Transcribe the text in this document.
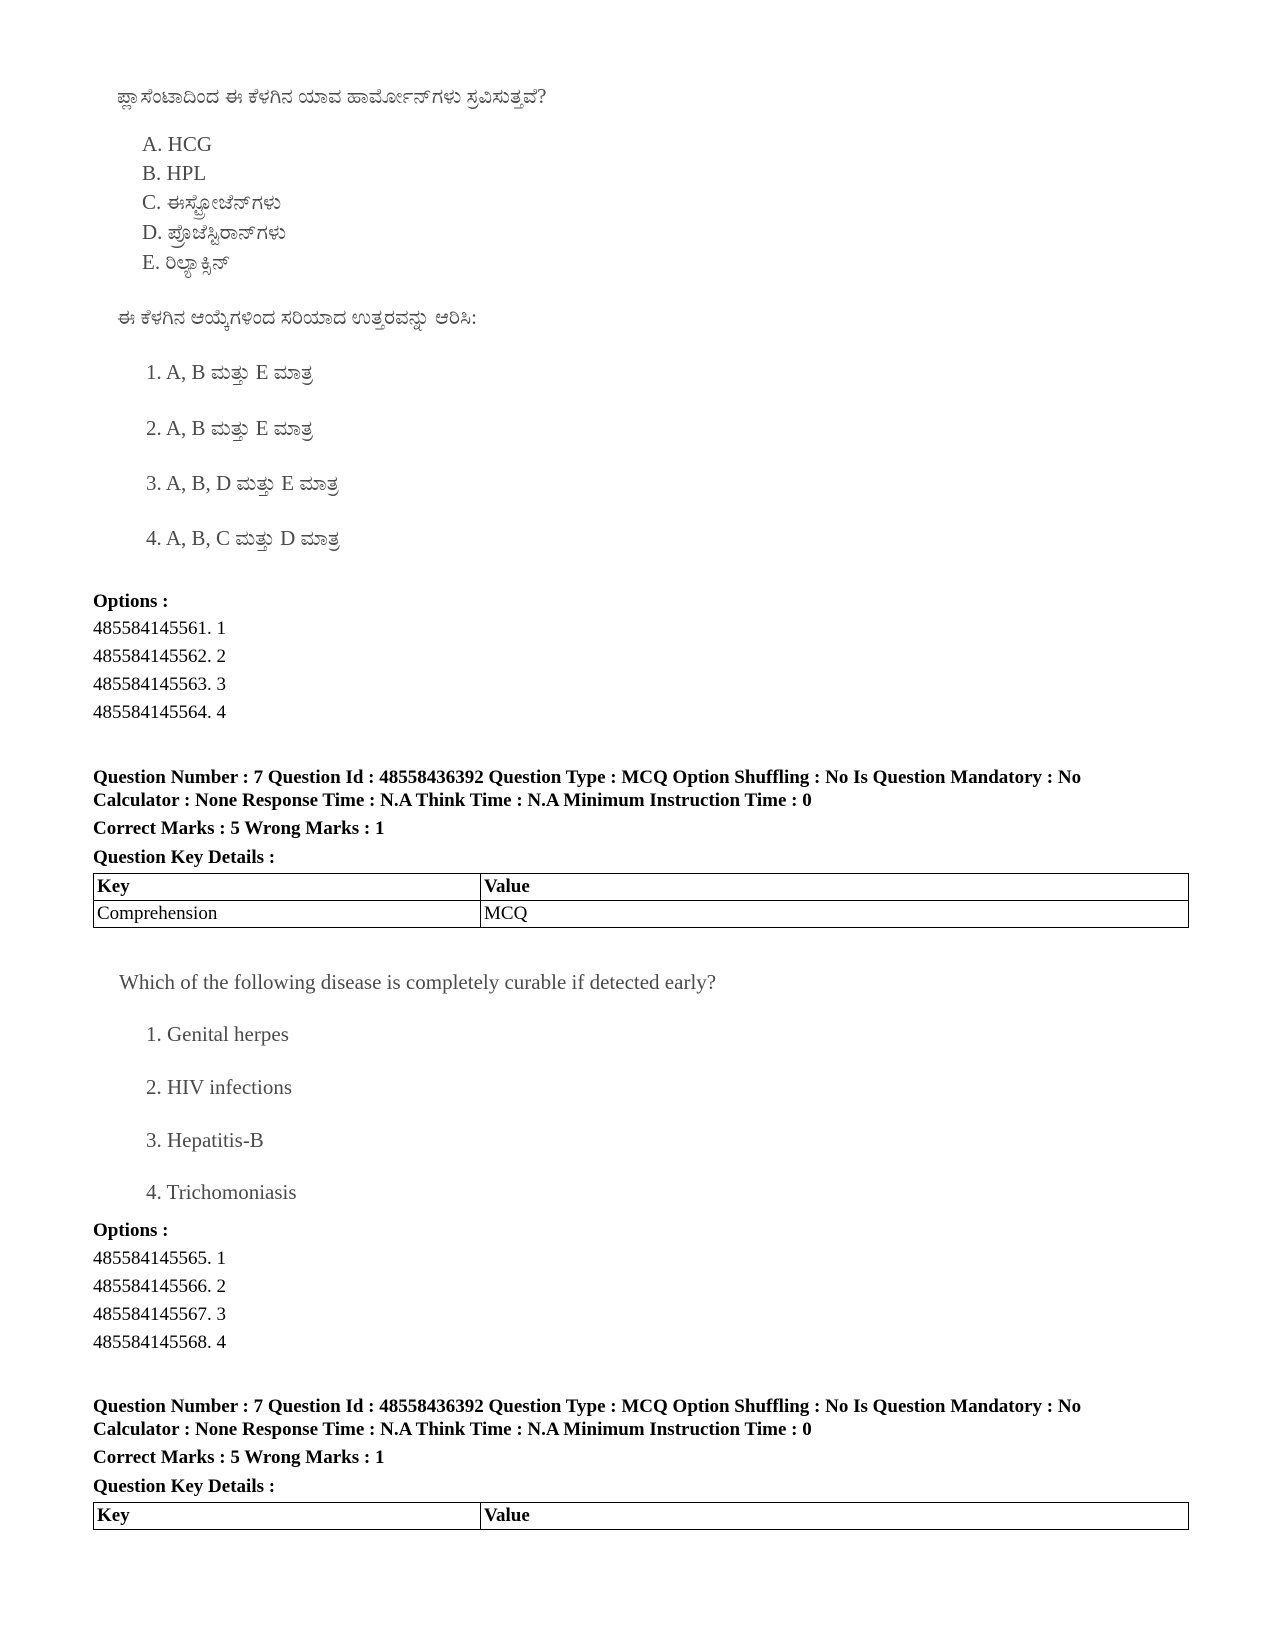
ಪ್ಲಾಸೆಂಟಾದಿಂದ ಈ ಕೆಳಗಿನ ಯಾವ ಹಾರ್ಮೋನ್‌ಗಳು ಸ್ರವಿಸುತ್ತವೆ?
A. HCG
B. HPL
C. ಈಸ್ಟ್ರೋಜೆನ್‌ಗಳು
D. ಪ್ರೊಜೆಸ್ಟಿರಾನ್‌ಗಳು
E. ರಿಲ್ಯಾಕ್ಸಿನ್
ಈ ಕೆಳಗಿನ ಆಯ್ಕೆಗಳಿಂದ ಸರಿಯಾದ ಉತ್ತರವನ್ನು ಆರಿಸಿ:
1. A, B ಮತ್ತು E ಮಾತ್ರ
2. A, B ಮತ್ತು E ಮಾತ್ರ
3. A, B, D ಮತ್ತು E ಮಾತ್ರ
4. A, B, C ಮತ್ತು D ಮಾತ್ರ
Options :
485584145561. 1
485584145562. 2
485584145563. 3
485584145564. 4
Question Number : 7 Question Id : 48558436392 Question Type : MCQ Option Shuffling : No Is Question Mandatory : No
Calculator : None Response Time : N.A Think Time : N.A Minimum Instruction Time : 0
Correct Marks : 5 Wrong Marks : 1
Question Key Details :
Key	Value
Comprehension	MCQ
Which of the following disease is completely curable if detected early?
1. Genital herpes
2. HIV infections
3. Hepatitis-B
4. Trichomoniasis
Options :
485584145565. 1
485584145566. 2
485584145567. 3
485584145568. 4
Question Number : 7 Question Id : 48558436392 Question Type : MCQ Option Shuffling : No Is Question Mandatory : No
Calculator : None Response Time : N.A Think Time : N.A Minimum Instruction Time : 0
Correct Marks : 5 Wrong Marks : 1
Question Key Details :
Key	Value
